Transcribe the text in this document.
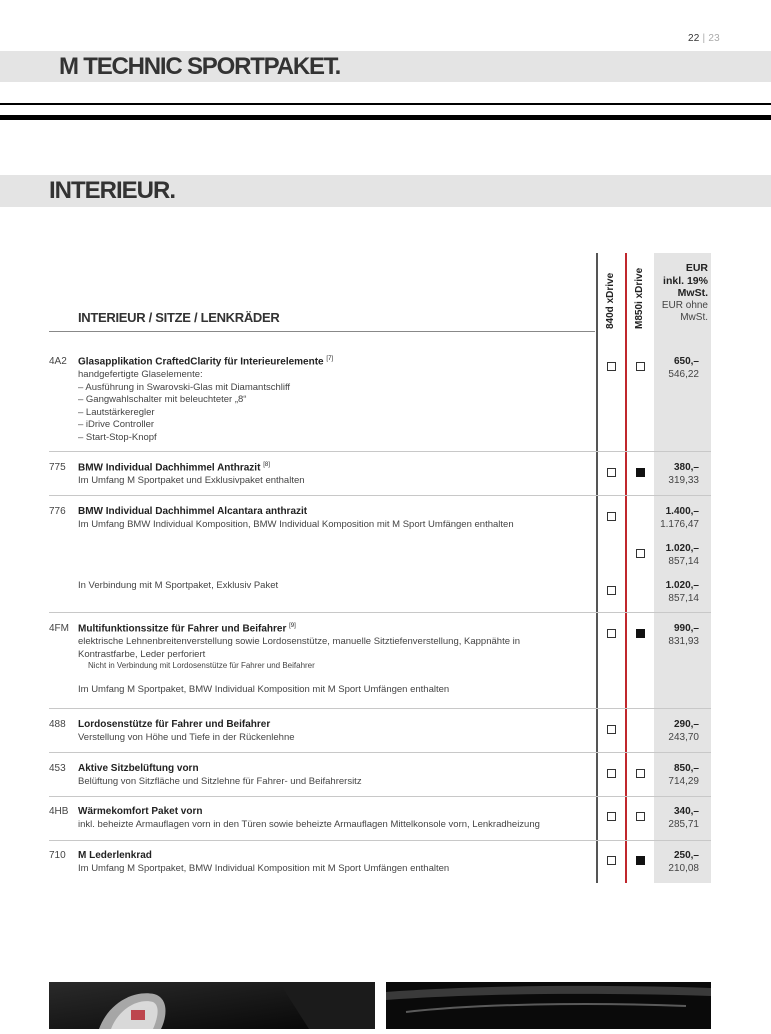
22 | 23
M TECHNIC SPORTPAKET.
INTERIEUR.
840d xDrive M850i xDrive	EUR
inkl. 19%
MwSt.
EUR ohne
MwSt.
INTERIEUR / SITZE / LENKRÄDER
4A2 Glasapplikation CraftedClarity für Interieurelemente [7]
handgefertigte Glaselemente:
– Ausführung in Swarovski-Glas mit Diamantschliff
– Gangwahlschalter mit beleuchteter „8“
– Lautstärkeregler
– iDrive Controller
– Start-Stop-Knopf
650,–
546,22
775 BMW Individual Dachhimmel Anthrazit [8]
Im Umfang M Sportpaket und Exklusivpaket enthalten
380,–
319,33
776 BMW Individual Dachhimmel Alcantara anthrazit
Im Umfang BMW Individual Komposition, BMW Individual Komposition mit M Sport Umfängen enthalten
In Verbindung mit M Sportpaket, Exklusiv Paket
1.400,–
1.176,47
1.020,–
857,14
1.020,–
857,14
4FM Multifunktionssitze für Fahrer und Beifahrer [9]
elektrische Lehnenbreitenverstellung sowie Lordosenstütze, manuelle Sitztiefenverstellung, Kappnähte in
Kontrastfarbe, Leder perforiert
Nicht in Verbindung mit Lordosenstütze für Fahrer und Beifahrer
Im Umfang M Sportpaket, BMW Individual Komposition mit M Sport Umfängen enthalten
990,–
831,93
488 Lordosenstütze für Fahrer und Beifahrer
Verstellung von Höhe und Tiefe in der Rückenlehne
290,–
243,70
453 Aktive Sitzbelüftung vorn
Belüftung von Sitzfläche und Sitzlehne für Fahrer- und Beifahrersitz
850,–
714,29
4HB Wärmekomfort Paket vorn
inkl. beheizte Armauflagen vorn in den Türen sowie beheizte Armauflagen Mittelkonsole vorn, Lenkradheizung
340,–
285,71
710 M Lederlenkrad
Im Umfang M Sportpaket, BMW Individual Komposition mit M Sport Umfängen enthalten
250,–
210,08
